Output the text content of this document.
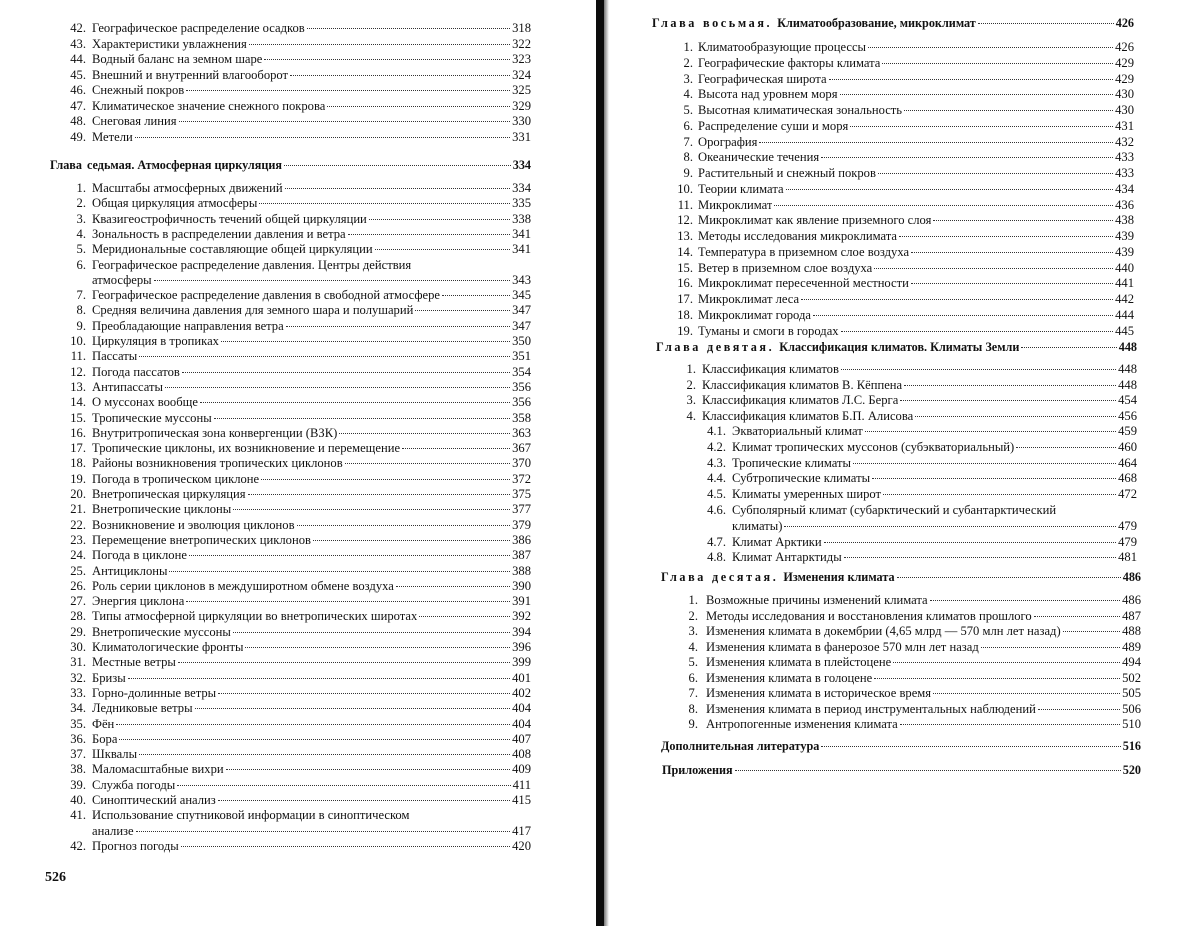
42. Географическое распределение осадков	318
43. Характеристики увлажнения	322
44. Водный баланс на земном шаре	323
45. Внешний и внутренний влагооборот	324
46. Снежный покров	325
47. Климатическое значение снежного покрова	329
48. Снеговая линия	330
49. Метели	331
Глава седьмая. Атмосферная циркуляция	334
1. Масштабы атмосферных движений	334
2. Общая циркуляция атмосферы	335
3. Квазигеострофичность течений общей циркуляции	338
4. Зональность в распределении давления и ветра	341
5. Меридиональные составляющие общей циркуляции	341
6. Географическое распределение давления. Центры действия
атмосферы	343
7. Географическое распределение давления в свободной атмосфере	345
8. Средняя величина давления для земного шара и полушарий	347
9. Преобладающие направления ветра	347
10. Циркуляция в тропиках	350
11. Пассаты	351
12. Погода пассатов	354
13. Антипассаты	356
14. О муссонах вообще	356
15. Тропические муссоны	358
16. Внутритропическая зона конвергенции (ВЗК)	363
17. Тропические циклоны, их возникновение и перемещение	367
18. Районы возникновения тропических циклонов	370
19. Погода в тропическом циклоне	372
20. Внетропическая циркуляция	375
21. Внетропические циклоны	377
22. Возникновение и эволюция циклонов	379
23. Перемещение внетропических циклонов	386
24. Погода в циклоне	387
25. Антициклоны	388
26. Роль серии циклонов в междуширотном обмене воздуха	390
27. Энергия циклона	391
28. Типы атмосферной циркуляции во внетропических широтах	392
29. Внетропические муссоны	394
30. Климатологические фронты	396
31. Местные ветры	399
32. Бризы	401
33. Горно-долинные ветры	402
34. Ледниковые ветры	404
35. Фён	404
36. Бора	407
37. Шквалы	408
38. Маломасштабные вихри	409
39. Служба погоды	411
40. Синоптический анализ	415
41. Использование спутниковой информации в синоптическом
анализе	417
42. Прогноз погоды	420
526
Глава восьмая. Климатообразование, микроклимат	426
1. Климатообразующие процессы	426
2. Географические факторы климата	429
3. Географическая широта	429
4. Высота над уровнем моря	430
5. Высотная климатическая зональность	430
6. Распределение суши и моря	431
7. Орография	432
8. Океанические течения	433
9. Растительный и снежный покров	433
10. Теории климата	434
11. Микроклимат	436
12. Микроклимат как явление приземного слоя	438
13. Методы исследования микроклимата	439
14. Температура в приземном слое воздуха	439
15. Ветер в приземном слое воздуха	440
16. Микроклимат пересеченной местности	441
17. Микроклимат леса	442
18. Микроклимат города	444
19. Туманы и смоги в городах	445
Глава девятая. Классификация климатов. Климаты Земли	448
1. Классификация климатов	448
2. Классификация климатов В. Кёппена	448
3. Классификация климатов Л.С. Берга	454
4. Классификация климатов Б.П. Алисова	456
4.1. Экваториальный климат	459
4.2. Климат тропических муссонов (субэкваториальный)	460
4.3. Тропические климаты	464
4.4. Субтропические климаты	468
4.5. Климаты умеренных широт	472
4.6. Субполярный климат (субарктический и субантарктический
климаты)	479
4.7. Климат Арктики	479
4.8. Климат Антарктиды	481
Глава десятая. Изменения климата	486
1. Возможные причины изменений климата	486
2. Методы исследования и восстановления климатов прошлого	487
3. Изменения климата в докембрии (4,65 млрд — 570 млн лет назад)	488
4. Изменения климата в фанерозое 570 млн лет назад	489
5. Изменения климата в плейстоцене	494
6. Изменения климата в голоцене	502
7. Изменения климата в историческое время	505
8. Изменения климата в период инструментальных наблюдений	506
9. Антропогенные изменения климата	510
Дополнительная литература	516
Приложения	520
